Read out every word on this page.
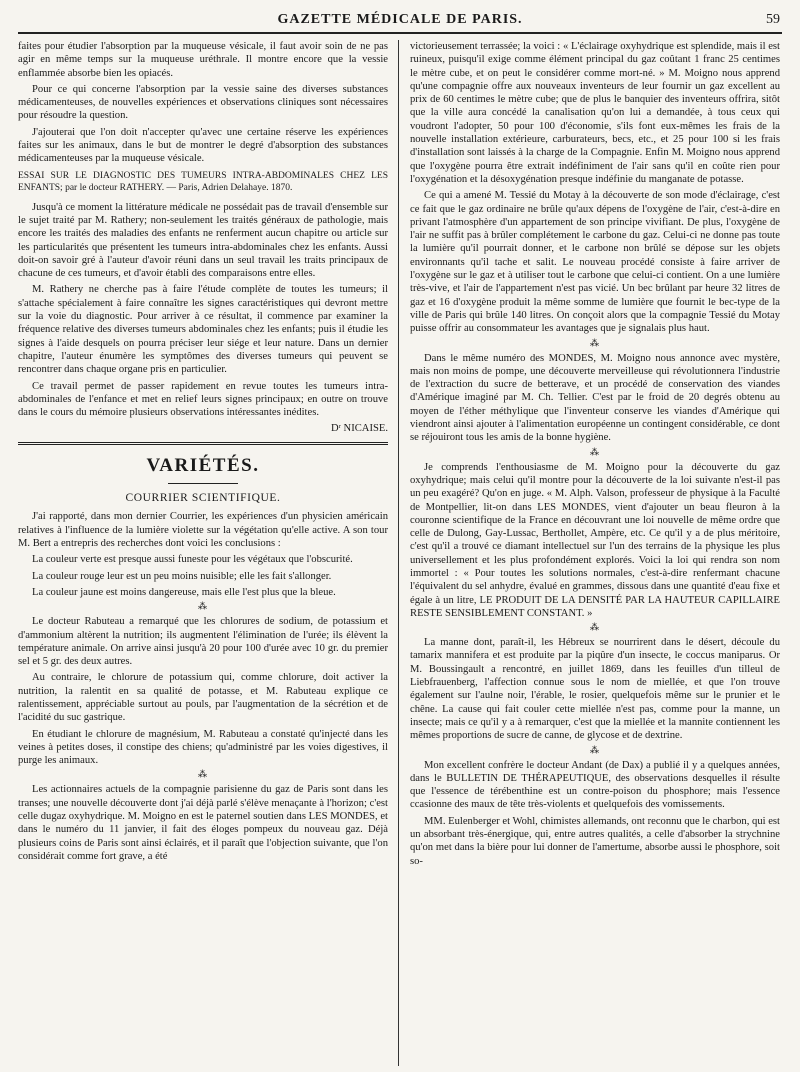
GAZETTE MÉDICALE DE PARIS.	59

faites pour étudier l'absorption par la muqueuse vésicale, il faut avoir soin de ne pas agir en même temps sur la muqueuse uréthrale. Il montre encore que la vessie enflammée absorbe bien les opiacés.

Pour ce qui concerne l'absorption par la vessie saine des diverses substances médicamenteuses, de nouvelles expériences et observations cliniques sont nécessaires pour résoudre la question.

J'ajouterai que l'on doit n'accepter qu'avec une certaine réserve les expériences faites sur les animaux, dans le but de montrer le degré d'absorption des substances médicamenteuses par la muqueuse vésicale.

ESSAI SUR LE DIAGNOSTIC DES TUMEURS INTRA-ABDOMINALES CHEZ LES ENFANTS; par le docteur RATHERY. — Paris, Adrien Delahaye. 1870.

Jusqu'à ce moment la littérature médicale ne possédait pas de travail d'ensemble sur le sujet traité par M. Rathery; non-seulement les traités généraux de pathologie, mais encore les traités des maladies des enfants ne renferment aucun chapitre ou article sur les particularités que présentent les tumeurs intra-abdominales chez les enfants. Aussi doit-on savoir gré à l'auteur d'avoir réuni dans un seul travail les traits principaux de chacune de ces tumeurs, et d'avoir établi des comparaisons entre elles.

M. Rathery ne cherche pas à faire l'étude complète de toutes les tumeurs; il s'attache spécialement à faire connaître les signes caractéristiques qui devront mettre sur la voie du diagnostic. Pour arriver à ce résultat, il commence par examiner la fréquence relative des diverses tumeurs abdominales chez les enfants; puis il étudie les signes à l'aide desquels on pourra préciser leur siége et leur nature. Dans un dernier chapitre, l'auteur énumère les symptômes des diverses tumeurs qui peuvent se rencontrer dans chaque organe pris en particulier.

Ce travail permet de passer rapidement en revue toutes les tumeurs intra-abdominales de l'enfance et met en relief leurs signes principaux; en outre on trouve dans le cours du mémoire plusieurs observations intéressantes inédites.

Dʳ NICAISE.
VARIÉTÉS.
COURRIER SCIENTIFIQUE.

J'ai rapporté, dans mon dernier Courrier, les expériences d'un physicien américain relatives à l'influence de la lumière violette sur la végétation qu'elle active. A son tour M. Bert a entrepris des recherches dont voici les conclusions :

La couleur verte est presque aussi funeste pour les végétaux que l'obscurité.

La couleur rouge leur est un peu moins nuisible; elle les fait s'allonger.

La couleur jaune est moins dangereuse, mais elle l'est plus que la bleue.

⁂

Le docteur Rabuteau a remarqué que les chlorures de sodium, de potassium et d'ammonium altèrent la nutrition; ils augmentent l'élimination de l'urée; ils élèvent la température animale. On arrive ainsi jusqu'à 20 pour 100 d'urée avec 10 gr. du premier sel et 5 gr. des deux autres.

Au contraire, le chlorure de potassium qui, comme chlorure, doit activer la nutrition, la ralentit en sa qualité de potasse, et M. Rabuteau explique ce ralentissement, appréciable surtout au pouls, par l'augmentation de la sécrétion et de l'acidité du suc gastrique.

En étudiant le chlorure de magnésium, M. Rabuteau a constaté qu'injecté dans les veines à petites doses, il constipe des chiens; qu'administré par les voies digestives, il purge les animaux.

⁂

Les actionnaires actuels de la compagnie parisienne du gaz de Paris sont dans les transes; une nouvelle découverte dont j'ai déjà parlé s'élève menaçante à l'horizon; c'est celle dugaz oxyhydrique. M. Moigno en est le paternel soutien dans LES MONDES, et dans le numéro du 11 janvier, il fait des éloges pompeux du nouveau gaz. Déjà plusieurs coins de Paris sont ainsi éclairés, et il paraît que l'objection suivante, que l'on considérait comme fort grave, a été

victorieusement terrassée; la voici : « L'éclairage oxyhydrique est splendide, mais il est ruineux, puisqu'il exige comme élément principal du gaz coûtant 1 franc 25 centimes le mètre cube, et on peut le considérer comme mort-né. » M. Moigno nous apprend qu'une compagnie offre aux nouveaux inventeurs de leur fournir un gaz excellent au prix de 60 centimes le mètre cube; que de plus le banquier des inventeurs offrira, sitôt que la ville aura concédé la canalisation qu'on lui a demandée, à tous ceux qui voudront l'adopter, 50 pour 100 d'économie, s'ils font eux-mêmes les frais de la nouvelle installation extérieure, carburateurs, becs, etc., et 25 pour 100 si les frais d'installation sont laissés à la charge de la Compagnie. Enfin M. Moigno nous apprend que l'oxygène pourra être extrait indéfiniment de l'air sans qu'il en coûte rien pour l'oxygénation et la désoxygénation presque indéfinie du manganate de potasse.

Ce qui a amené M. Tessié du Motay à la découverte de son mode d'éclairage, c'est ce fait que le gaz ordinaire ne brûle qu'aux dépens de l'oxygène de l'air, c'est-à-dire en privant l'atmosphère d'un appartement de son principe vivifiant. De plus, l'oxygène de l'air ne suffit pas à brûler complétement le carbone du gaz. Celui-ci ne donne pas toute la lumière qu'il pourrait donner, et le carbone non brûlé se dépose sur les objets environnants qu'il tache et salit. Le nouveau procédé consiste à faire arriver de l'oxygène sur le gaz et à utiliser tout le carbone que celui-ci contient. On a une lumière très-vive, et l'air de l'appartement n'est pas vicié. Un bec brûlant par heure 32 litres de gaz et 16 d'oxygène produit la même somme de lumière que fournit le bec-type de la ville de Paris qui brûle 140 litres. On conçoit alors que la compagnie Tessié du Motay puisse offrir au consommateur les avantages que je signalais plus haut.

⁂

Dans le même numéro des MONDES, M. Moigno nous annonce avec mystère, mais non moins de pompe, une découverte merveilleuse qui révolutionnera l'industrie de l'extraction du sucre de betterave, et un procédé de conservation des viandes d'Amérique imaginé par M. Ch. Tellier. C'est par le froid de 20 degrés obtenu au moyen de l'éther méthylique que l'inventeur conserve les viandes d'Amérique qui viendront ainsi ajouter à l'alimentation européenne un contingent considérable, ce dont se réjouiront tous les amis de la bonne hygiène.

⁂

Je comprends l'enthousiasme de M. Moigno pour la découverte du gaz oxyhydrique; mais celui qu'il montre pour la découverte de la loi suivante n'est-il pas un peu exagéré? Qu'on en juge. « M. Alph. Valson, professeur de physique à la Faculté de Montpellier, lit-on dans LES MONDES, vient d'ajouter un beau fleuron à la couronne scientifique de la France en découvrant une loi nouvelle de même ordre que celle de Dulong, Gay-Lussac, Berthollet, Ampère, etc. Ce qu'il y a de plus méritoire, c'est qu'il a trouvé ce diamant intellectuel sur l'un des terrains de la physique les plus universellement et les plus profondément explorés. Voici la loi qui rendra son nom immortel : « Pour toutes les solutions normales, c'est-à-dire renfermant chacune l'équivalent du sel anhydre, évalué en grammes, dissous dans une quantité d'eau fixe et égale à un litre, LE PRODUIT DE LA DENSITÉ PAR LA HAUTEUR CAPILLAIRE RESTE SENSIBLEMENT CONSTANT. »

⁂

La manne dont, paraît-il, les Hébreux se nourrirent dans le désert, découle du tamarix mannifera et est produite par la piqûre d'un insecte, le coccus maniparus. Or M. Boussingault a rencontré, en juillet 1869, dans les feuilles d'un tilleul de Liebfrauenberg, l'affection connue sous le nom de miellée, et que l'on trouve également sur l'aulne noir, l'érable, le rosier, quelquefois même sur le prunier et le chêne. La cause qui fait couler cette miellée n'est pas, comme pour la manne, un insecte; mais ce qu'il y a à remarquer, c'est que la miellée et la mannite contiennent les mêmes proportions de sucre de canne, de glycose et de dextrine.

⁂

Mon excellent confrère le docteur Andant (de Dax) a publié il y a quelques années, dans le BULLETIN DE THÉRAPEUTIQUE, des observations desquelles il résulte que l'essence de térébenthine est un contre-poison du phosphore; mais l'essence ccasionne des maux de tête très-violents et quelquefois des vomissements.

MM. Eulenberger et Wohl, chimistes allemands, ont reconnu que le charbon, qui est un absorbant très-énergique, qui, entre autres qualités, a celle d'absorber la strychnine qu'on met dans la bière pour lui donner de l'amertume, absorbe aussi le phosphore, soit so-
